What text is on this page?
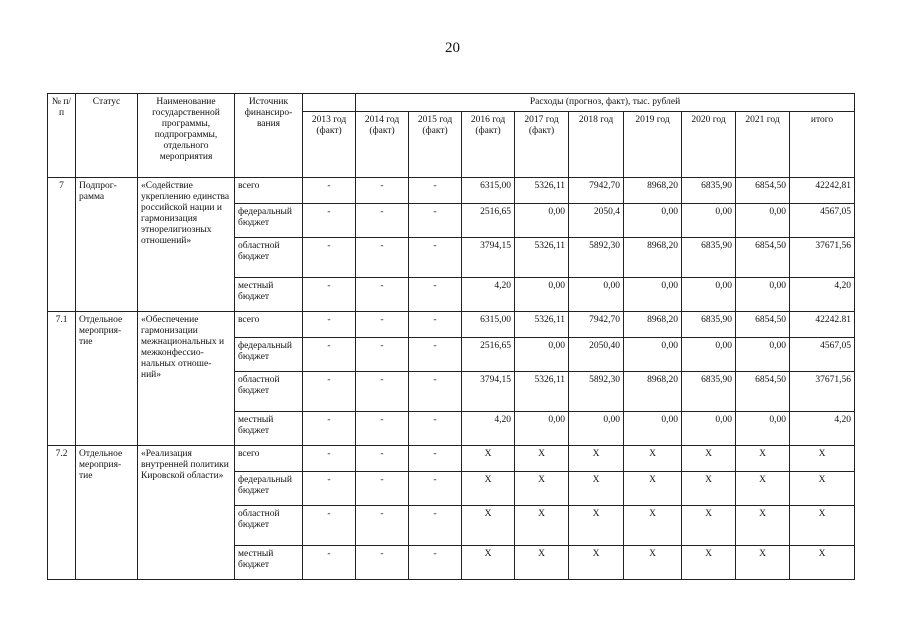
20
№ п/п	Статус	Наименование государственной программы, подпрограммы, отдельного мероприятия	Источник финансиро-вания		Расходы (прогноз, факт), тыс. рублей								
				2013 год (факт)	2014 год (факт)	2015 год (факт)	2016 год (факт)	2017 год (факт)	2018 год	2019 год	2020 год	2021 год	итого
7	Подпрог-рамма	«Содействие укреплению единства российской нации и гармонизация этнорелигиозных отношений»	всего	-	-	-	6315,00	5326,11	7942,70	8968,20	6835,90	6854,50	42242,81
			федеральный бюджет	-	-	-	2516,65	0,00	2050,4	0,00	0,00	0,00	4567,05
			областной бюджет	-	-	-	3794,15	5326,11	5892,30	8968,20	6835,90	6854,50	37671,56
			местный бюджет	-	-	-	4,20	0,00	0,00	0,00	0,00	0,00	4,20
7.1	Отдельное мероприя-тие	«Обеспечение гармонизации межнациональных и межконфессио-нальных отноше-ний»	всего	-	-	-	6315,00	5326,11	7942,70	8968,20	6835,90	6854,50	42242.81
			федеральный бюджет	-	-	-	2516,65	0,00	2050,40	0,00	0,00	0,00	4567,05
			областной бюджет	-	-	-	3794,15	5326,11	5892,30	8968,20	6835,90	6854,50	37671,56
			местный бюджет	-	-	-	4,20	0,00	0,00	0,00	0,00	0,00	4,20
7.2	Отдельное мероприя-тие	«Реализация внутренней политики Кировской области»	всего	-	-	-	X	X	X	X	X	X	X
			федеральный бюджет	-	-	-	X	X	X	X	X	X	X
			областной бюджет	-	-	-	X	X	X	X	X	X	X
			местный бюджет	-	-	-	X	X	X	X	X	X	X
